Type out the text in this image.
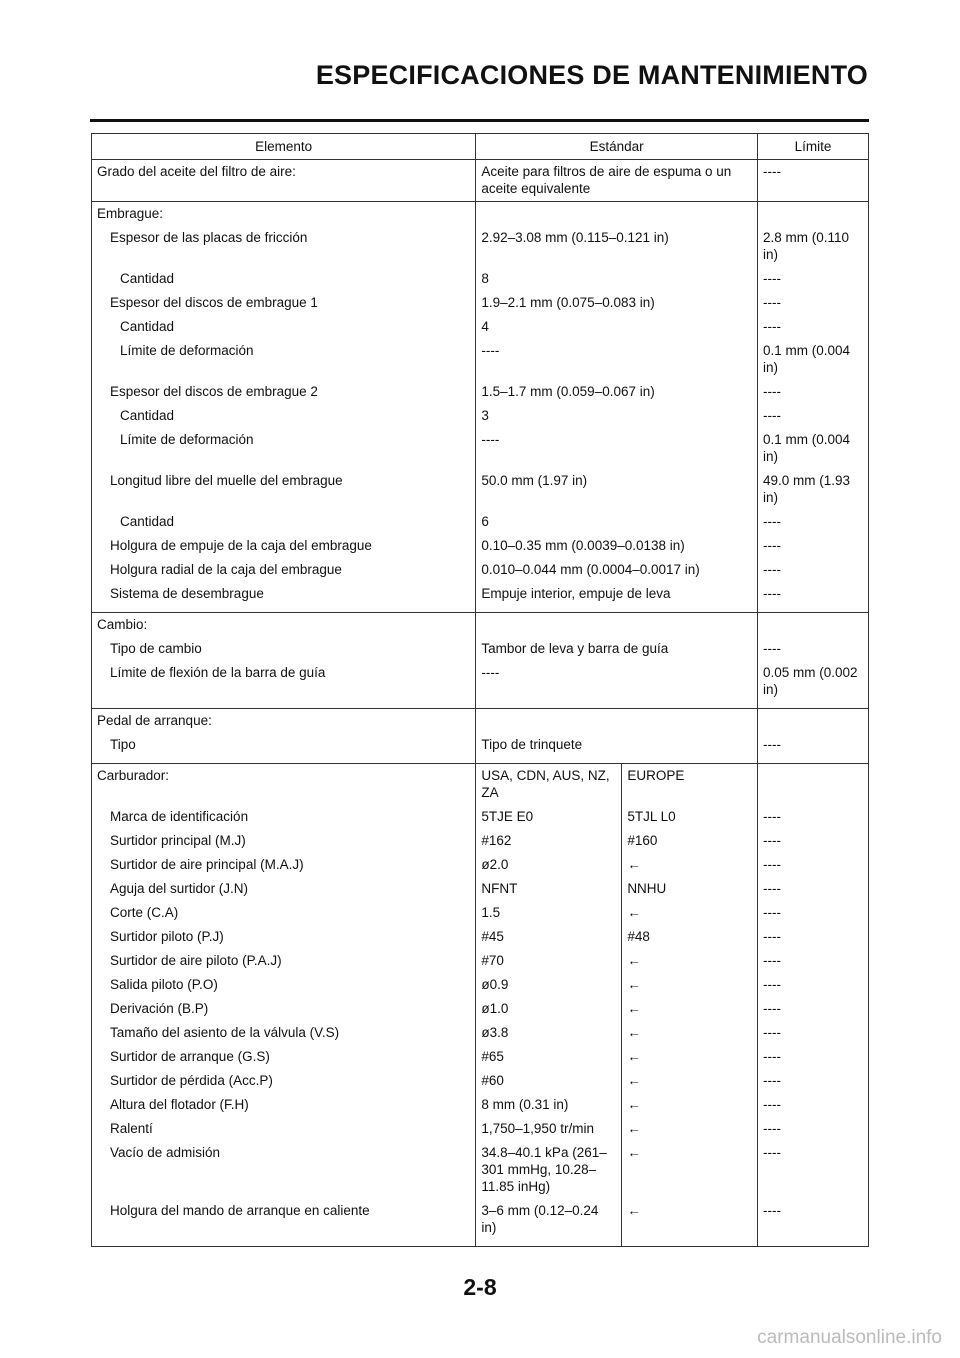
ESPECIFICACIONES DE MANTENIMIENTO
Elemento	Estándar		Límite
Grado del aceite del filtro de aire:	Aceite para filtros de aire de espuma o un aceite equivalente		----
Embrague:			
Espesor de las placas de fricción	2.92–3.08 mm (0.115–0.121 in)		2.8 mm (0.110 in)
Cantidad	8		----
Espesor del discos de embrague 1	1.9–2.1 mm (0.075–0.083 in)		----
Cantidad	4		----
Límite de deformación	----		0.1 mm (0.004 in)
Espesor del discos de embrague 2	1.5–1.7 mm (0.059–0.067 in)		----
Cantidad	3		----
Límite de deformación	----		0.1 mm (0.004 in)
Longitud libre del muelle del embrague	50.0 mm (1.97 in)		49.0 mm (1.93 in)
Cantidad	6		----
Holgura de empuje de la caja del embrague	0.10–0.35 mm (0.0039–0.0138 in)		----
Holgura radial de la caja del embrague	0.010–0.044 mm (0.0004–0.0017 in)		----
Sistema de desembrague	Empuje interior, empuje de leva		----
Cambio:			
Tipo de cambio	Tambor de leva y barra de guía		----
Límite de flexión de la barra de guía	----		0.05 mm (0.002 in)
Pedal de arranque:			
Tipo	Tipo de trinquete		----
Carburador:	USA, CDN, AUS, NZ, ZA	EUROPE	
Marca de identificación	5TJE E0	5TJL L0	----
Surtidor principal (M.J)	#162	#160	----
Surtidor de aire principal (M.A.J)	ø2.0	←	----
Aguja del surtidor (J.N)	NFNT	NNHU	----
Corte (C.A)	1.5	←	----
Surtidor piloto (P.J)	#45	#48	----
Surtidor de aire piloto (P.A.J)	#70	←	----
Salida piloto (P.O)	ø0.9	←	----
Derivación (B.P)	ø1.0	←	----
Tamaño del asiento de la válvula (V.S)	ø3.8	←	----
Surtidor de arranque (G.S)	#65	←	----
Surtidor de pérdida (Acc.P)	#60	←	----
Altura del flotador (F.H)	8 mm (0.31 in)	←	----
Ralentí	1,750–1,950 tr/min	←	----
Vacío de admisión	34.8–40.1 kPa (261–301 mmHg, 10.28–11.85 inHg)	←	----
Holgura del mando de arranque en caliente	3–6 mm (0.12–0.24 in)	←	----
2-8
carmanualsonline.info
